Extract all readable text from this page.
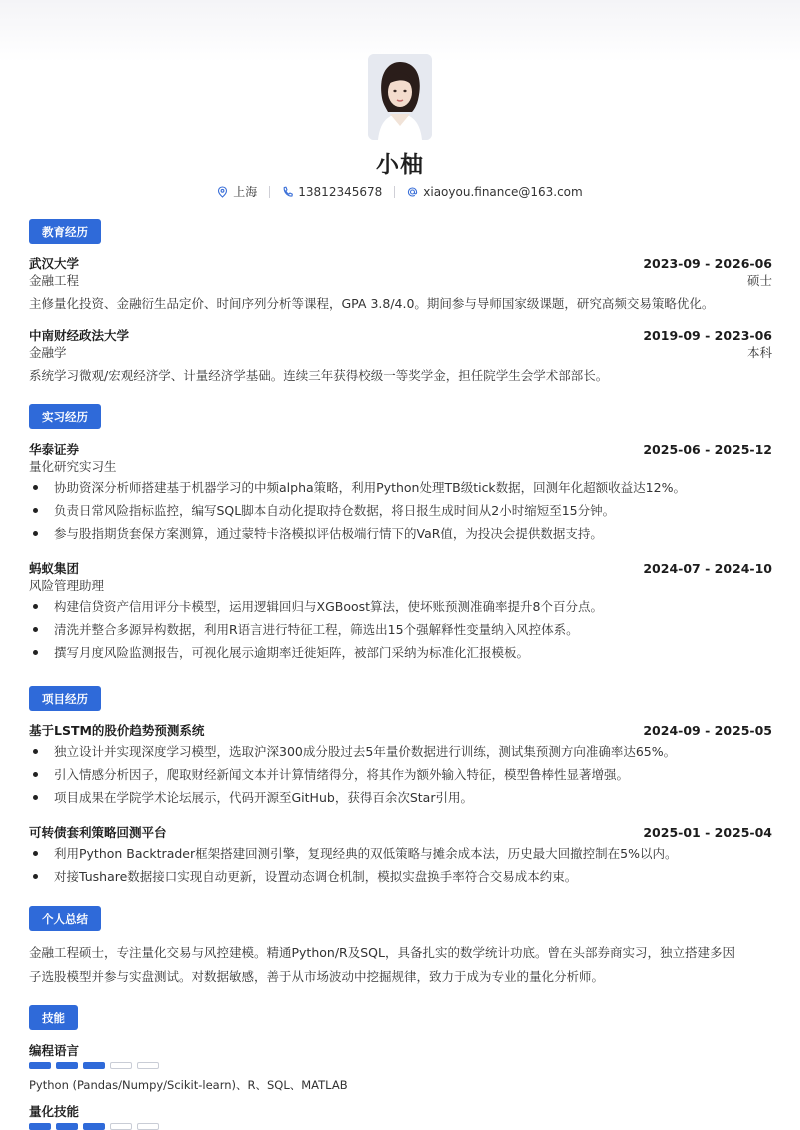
小柚
上海	13812345678	xiaoyou.finance@163.com
教育经历
武汉大学	2023-09 - 2026-06
金融工程	硕士
主修量化投资、金融衍生品定价、时间序列分析等课程，GPA 3.8/4.0。期间参与导师国家级课题，研究高频交易策略优化。
中南财经政法大学	2019-09 - 2023-06
金融学	本科
系统学习微观/宏观经济学、计量经济学基础。连续三年获得校级一等奖学金，担任院学生会学术部部长。
实习经历
华泰证券	2025-06 - 2025-12
量化研究实习生
协助资深分析师搭建基于机器学习的中频alpha策略，利用Python处理TB级tick数据，回测年化超额收益达12%。
负责日常风险指标监控，编写SQL脚本自动化提取持仓数据，将日报生成时间从2小时缩短至15分钟。
参与股指期货套保方案测算，通过蒙特卡洛模拟评估极端行情下的VaR值，为投决会提供数据支持。
蚂蚁集团	2024-07 - 2024-10
风险管理助理
构建信贷资产信用评分卡模型，运用逻辑回归与XGBoost算法，使坏账预测准确率提升8个百分点。
清洗并整合多源异构数据，利用R语言进行特征工程，筛选出15个强解释性变量纳入风控体系。
撰写月度风险监测报告，可视化展示逾期率迁徙矩阵，被部门采纳为标准化汇报模板。
项目经历
基于LSTM的股价趋势预测系统	2024-09 - 2025-05
独立设计并实现深度学习模型，选取沪深300成分股过去5年量价数据进行训练，测试集预测方向准确率达65%。
引入情感分析因子，爬取财经新闻文本并计算情绪得分，将其作为额外输入特征，模型鲁棒性显著增强。
项目成果在学院学术论坛展示，代码开源至GitHub，获得百余次Star引用。
可转债套利策略回测平台	2025-01 - 2025-04
利用Python Backtrader框架搭建回测引擎，复现经典的双低策略与摊余成本法，历史最大回撤控制在5%以内。
对接Tushare数据接口实现自动更新，设置动态调仓机制，模拟实盘换手率符合交易成本约束。
个人总结
金融工程硕士，专注量化交易与风控建模。精通Python/R及SQL，具备扎实的数学统计功底。曾在头部券商实习，独立搭建多因
子选股模型并参与实盘测试。对数据敏感，善于从市场波动中挖掘规律，致力于成为专业的量化分析师。
技能
编程语言
Python (Pandas/Numpy/Scikit-learn)、R、SQL、MATLAB
量化技能
